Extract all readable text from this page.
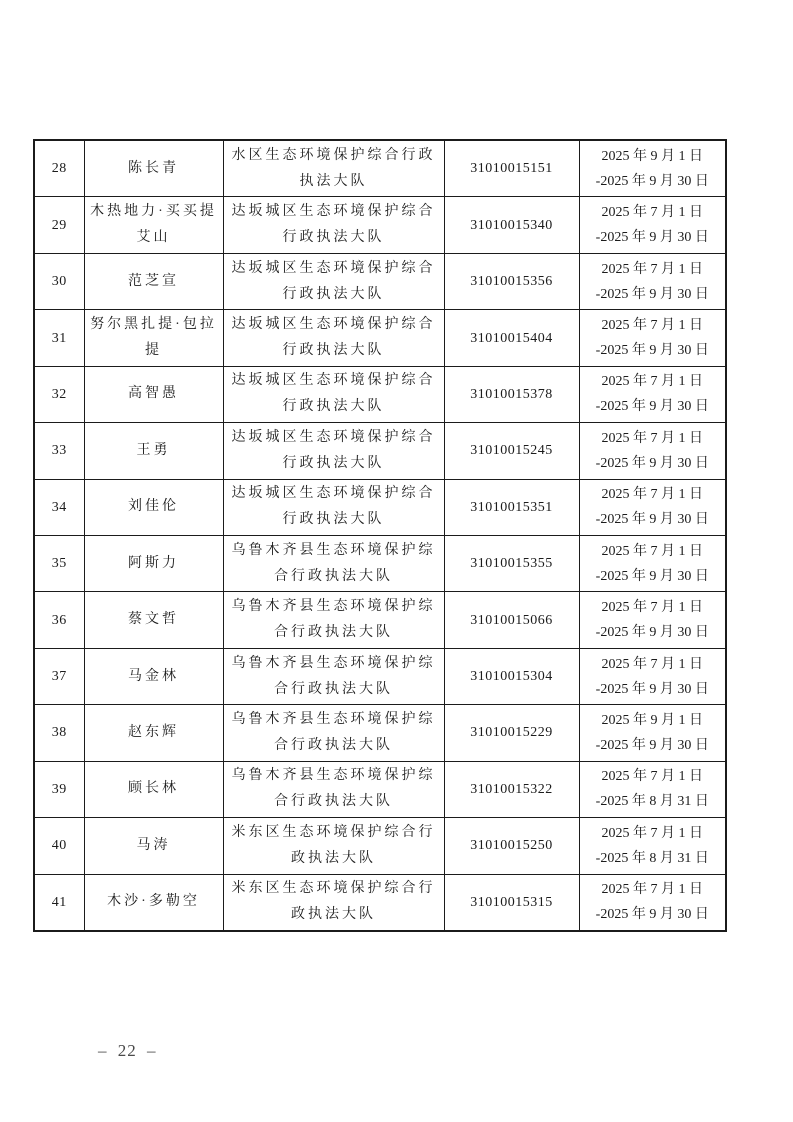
28	陈长青	水区生态环境保护综合行政执法大队	31010015151	2025 年 9 月 1 日
-2025 年 9 月 30 日

29	木热地力·买买提艾山	达坂城区生态环境保护综合行政执法大队	31010015340	2025 年 7 月 1 日
-2025 年 9 月 30 日

30	范芝宣	达坂城区生态环境保护综合行政执法大队	31010015356	2025 年 7 月 1 日
-2025 年 9 月 30 日

31	努尔黑扎提·包拉提	达坂城区生态环境保护综合行政执法大队	31010015404	2025 年 7 月 1 日
-2025 年 9 月 30 日

32	高智愚	达坂城区生态环境保护综合行政执法大队	31010015378	2025 年 7 月 1 日
-2025 年 9 月 30 日

33	王勇	达坂城区生态环境保护综合行政执法大队	31010015245	2025 年 7 月 1 日
-2025 年 9 月 30 日

34	刘佳伦	达坂城区生态环境保护综合行政执法大队	31010015351	2025 年 7 月 1 日
-2025 年 9 月 30 日

35	阿斯力	乌鲁木齐县生态环境保护综合行政执法大队	31010015355	2025 年 7 月 1 日
-2025 年 9 月 30 日

36	蔡文哲	乌鲁木齐县生态环境保护综合行政执法大队	31010015066	2025 年 7 月 1 日
-2025 年 9 月 30 日

37	马金林	乌鲁木齐县生态环境保护综合行政执法大队	31010015304	2025 年 7 月 1 日
-2025 年 9 月 30 日

38	赵东辉	乌鲁木齐县生态环境保护综合行政执法大队	31010015229	2025 年 9 月 1 日
-2025 年 9 月 30 日

39	顾长林	乌鲁木齐县生态环境保护综合行政执法大队	31010015322	2025 年 7 月 1 日
-2025 年 8 月 31 日

40	马涛	米东区生态环境保护综合行政执法大队	31010015250	2025 年 7 月 1 日
-2025 年 8 月 31 日

41	木沙·多勒空	米东区生态环境保护综合行政执法大队	31010015315	2025 年 7 月 1 日
-2025 年 9 月 30 日
– 22 –
